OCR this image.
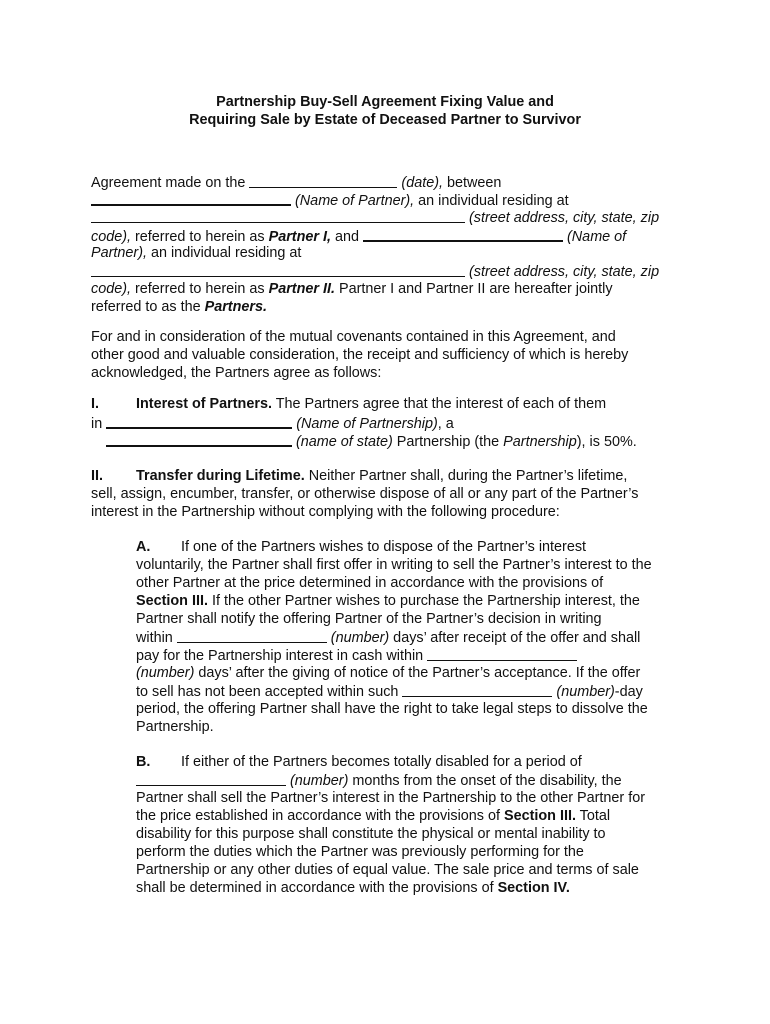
Partnership Buy-Sell Agreement Fixing Value and
Requiring Sale by Estate of Deceased Partner to Survivor
Agreement made on the	(date), between
(Name of Partner), an individual residing at
(street address, city, state, zip
code), referred to herein as Partner I, and	(Name of
Partner), an individual residing at
(street address, city, state, zip
code), referred to herein as Partner II. Partner I and Partner II are hereafter jointly
referred to as the Partners.
For and in consideration of the mutual covenants contained in this Agreement, and
other good and valuable consideration, the receipt and sufficiency of which is hereby
acknowledged, the Partners agree as follows:
I.	Interest of Partners. The Partners agree that the interest of each of them
in	(Name of Partnership), a
(name of state) Partnership (the Partnership), is 50%.
II. Transfer during Lifetime. Neither Partner shall, during the Partner’s lifetime,
sell, assign, encumber, transfer, or otherwise dispose of all or any part of the Partner’s
interest in the Partnership without complying with the following procedure:
A. If one of the Partners wishes to dispose of the Partner’s interest
voluntarily, the Partner shall first offer in writing to sell the Partner’s interest to the
other Partner at the price determined in accordance with the provisions of
Section III. If the other Partner wishes to purchase the Partnership interest, the
Partner shall notify the offering Partner of the Partner’s decision in writing
within	(number) days’ after receipt of the offer and shall
pay for the Partnership interest in cash within
(number) days’ after the giving of notice of the Partner’s acceptance. If the offer
to sell has not been accepted within such	(number)-day
period, the offering Partner shall have the right to take legal steps to dissolve the
Partnership.
B. If either of the Partners becomes totally disabled for a period of
(number) months from the onset of the disability, the
Partner shall sell the Partner’s interest in the Partnership to the other Partner for
the price established in accordance with the provisions of Section III. Total
disability for this purpose shall constitute the physical or mental inability to
perform the duties which the Partner was previously performing for the
Partnership or any other duties of equal value. The sale price and terms of sale
shall be determined in accordance with the provisions of Section IV.
